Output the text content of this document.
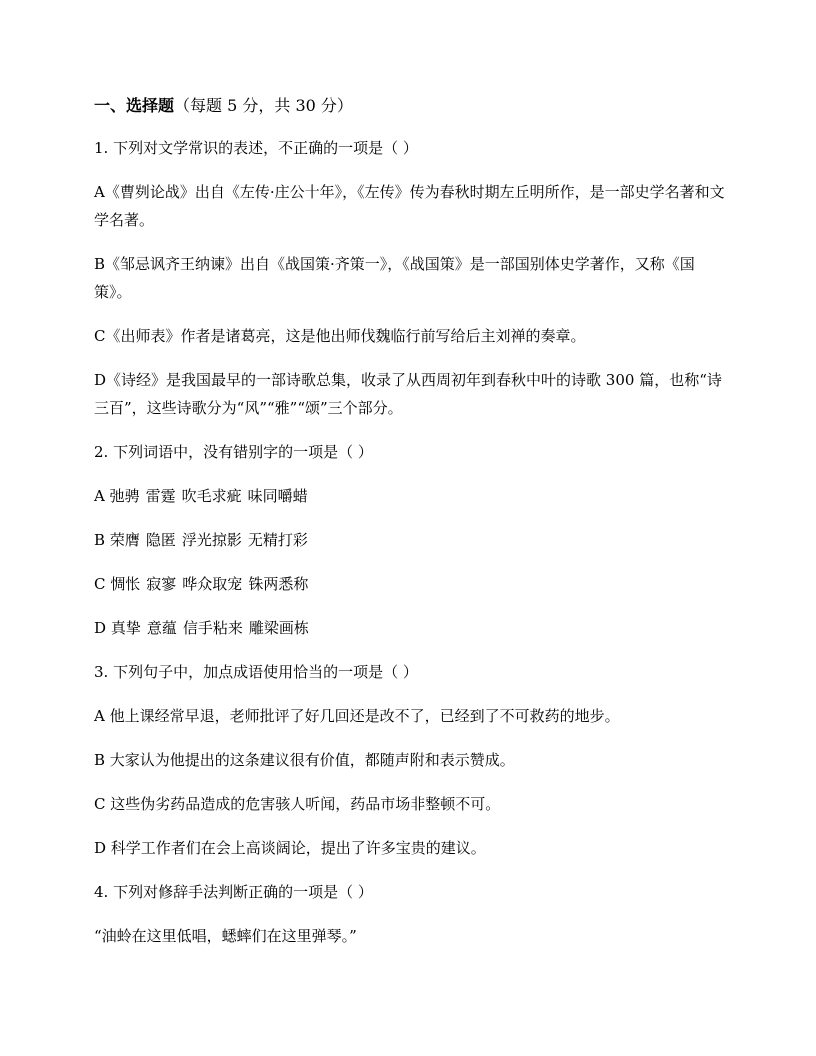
一、选择题（每题 5 分，共 30 分）
1. 下列对文学常识的表述，不正确的一项是（ ）
A《曹刿论战》出自《左传·庄公十年》，《左传》传为春秋时期左丘明所作，是一部史学名著和文学名著。
B《邹忌讽齐王纳谏》出自《战国策·齐策一》，《战国策》是一部国别体史学著作，又称《国策》。
C《出师表》作者是诸葛亮，这是他出师伐魏临行前写给后主刘禅的奏章。
D《诗经》是我国最早的一部诗歌总集，收录了从西周初年到春秋中叶的诗歌 300 篇，也称“诗三百”，这些诗歌分为“风”“雅”“颂”三个部分。
2. 下列词语中，没有错别字的一项是（ ）
A 弛骋 雷霆 吹毛求疵 味同嚼蜡
B 荣膺 隐匿 浮光掠影 无精打彩
C 惆怅 寂寥 哗众取宠 铢两悉称
D 真挚 意蕴 信手粘来 雕梁画栋
3. 下列句子中，加点成语使用恰当的一项是（ ）
A 他上课经常早退，老师批评了好几回还是改不了，已经到了不可救药的地步。
B 大家认为他提出的这条建议很有价值，都随声附和表示赞成。
C 这些伪劣药品造成的危害骇人听闻，药品市场非整顿不可。
D 科学工作者们在会上高谈阔论，提出了许多宝贵的建议。
4. 下列对修辞手法判断正确的一项是（ ）
“油蛉在这里低唱，蟋蟀们在这里弹琴。”
